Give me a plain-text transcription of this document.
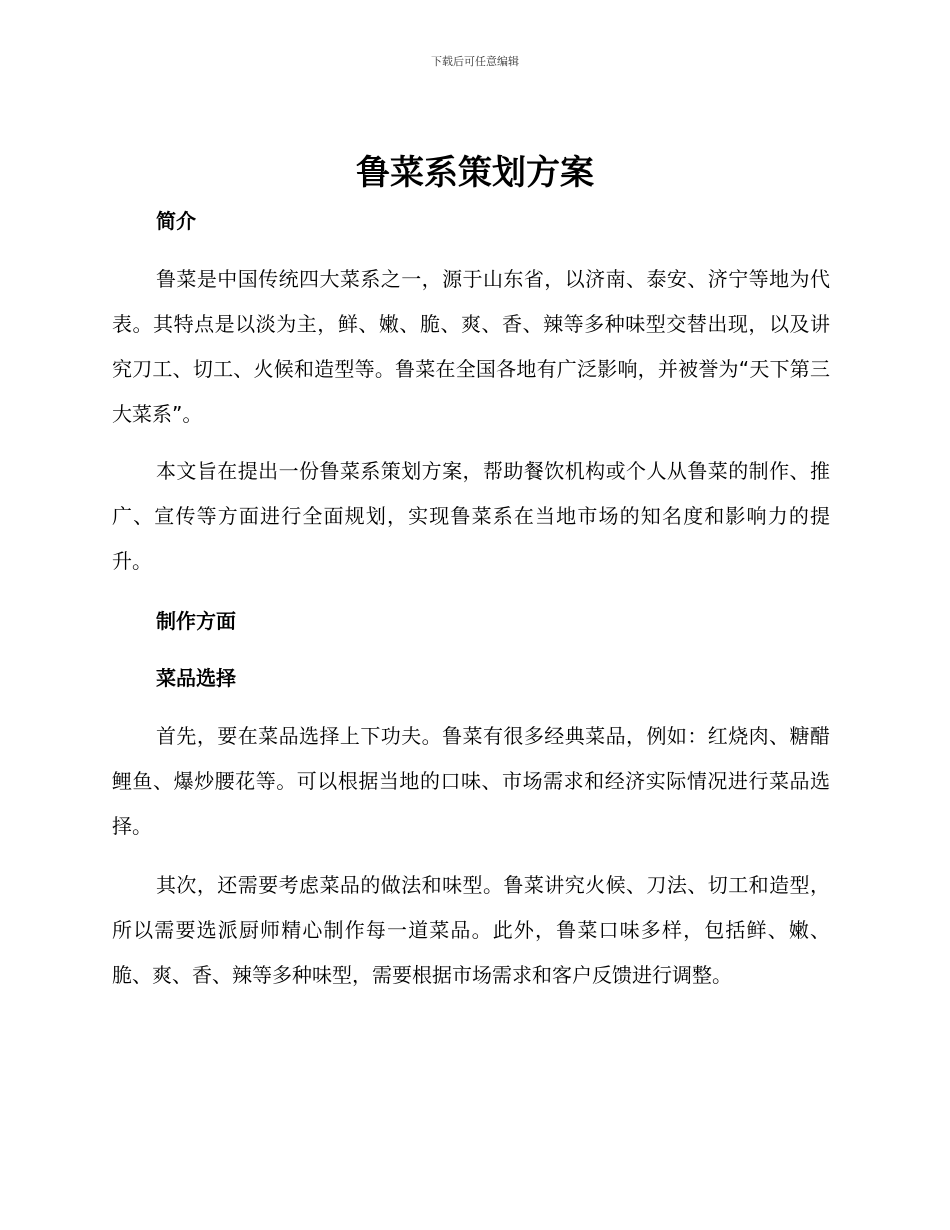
下载后可任意编辑
鲁菜系策划方案

简介

鲁菜是中国传统四大菜系之一，源于山东省，以济南、泰安、济宁等地为代表。其特点是以淡为主，鲜、嫩、脆、爽、香、辣等多种味型交替出现，以及讲究刀工、切工、火候和造型等。鲁菜在全国各地有广泛影响，并被誉为“天下第三大菜系”。

本文旨在提出一份鲁菜系策划方案，帮助餐饮机构或个人从鲁菜的制作、推广、宣传等方面进行全面规划，实现鲁菜系在当地市场的知名度和影响力的提升。

制作方面

菜品选择

首先，要在菜品选择上下功夫。鲁菜有很多经典菜品，例如：红烧肉、糖醋鲤鱼、爆炒腰花等。可以根据当地的口味、市场需求和经济实际情况进行菜品选择。

其次，还需要考虑菜品的做法和味型。鲁菜讲究火候、刀法、切工和造型，所以需要选派厨师精心制作每一道菜品。此外，鲁菜口味多样，包括鲜、嫩、脆、爽、香、辣等多种味型，需要根据市场需求和客户反馈进行调整。
